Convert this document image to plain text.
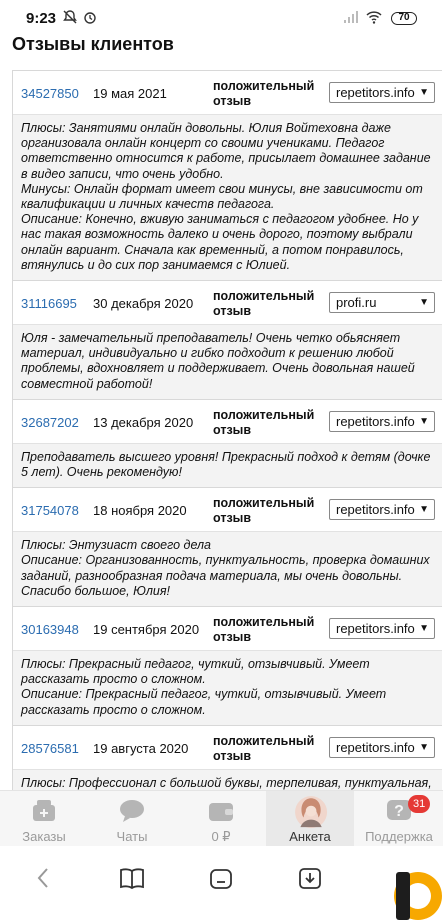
9:23	70
Отзывы клиентов
34527850 19 мая 2021	положительный отзыв
repetitors.info ▼

Плюсы: Занятиями онлайн довольны. Юлия Войтеховна даже организовала онлайн концерт со своими учениками. Педагог ответственно относится к работе, присылает домашнее задание в видео записи, что очень удобно.

Минусы: Онлайн формат имеет свои минусы, вне зависимости от квалификации и личных качеств педагога.

Описание: Конечно, вживую заниматься с педагогом удобнее. Но у нас такая возможность далеко и очень дорого, поэтому выбрали онлайн вариант. Сначала как временный, а потом понравилось, втянулись и до сих пор занимаемся с Юлией.

31116695 30 декабря 2020 положительный отзыв
profi.ru	▼

Юля - замечательный преподаватель! Очень четко обьясняет материал, индивидуально и гибко подходит к решению любой проблемы, вдохновляет и поддерживает. Очень довольная нашей совместной работой!

32687202 13 декабря 2020 положительный отзыв
repetitors.info ▼

Преподаватель высшего уровня! Прекрасный подход к детям (дочке 5 лет). Очень рекомендую!

31754078 18 ноября 2020 положительный отзыв
repetitors.info ▼

Плюсы: Энтузиаст своего дела

Описание: Организованность, пунктуальность, проверка домашних заданий, разнообразная подача материала, мы очень довольны. Спасибо большое, Юлия!

30163948 19 сентября 2020 положительный отзыв
repetitors.info ▼

Плюсы: Прекрасный педагог, чуткий, отзывчивый. Умеет рассказать просто о сложном.

Описание: Прекрасный педагог, чуткий, отзывчивый. Умеет рассказать просто о сложном.

28576581 19 августа 2020 положительный отзыв
repetitors.info ▼

Плюсы: Профессионал с большой буквы, терпеливая, пунктуальная,

Заказы	Чаты	0 ₽	Анкета
? 31
Поддержка
